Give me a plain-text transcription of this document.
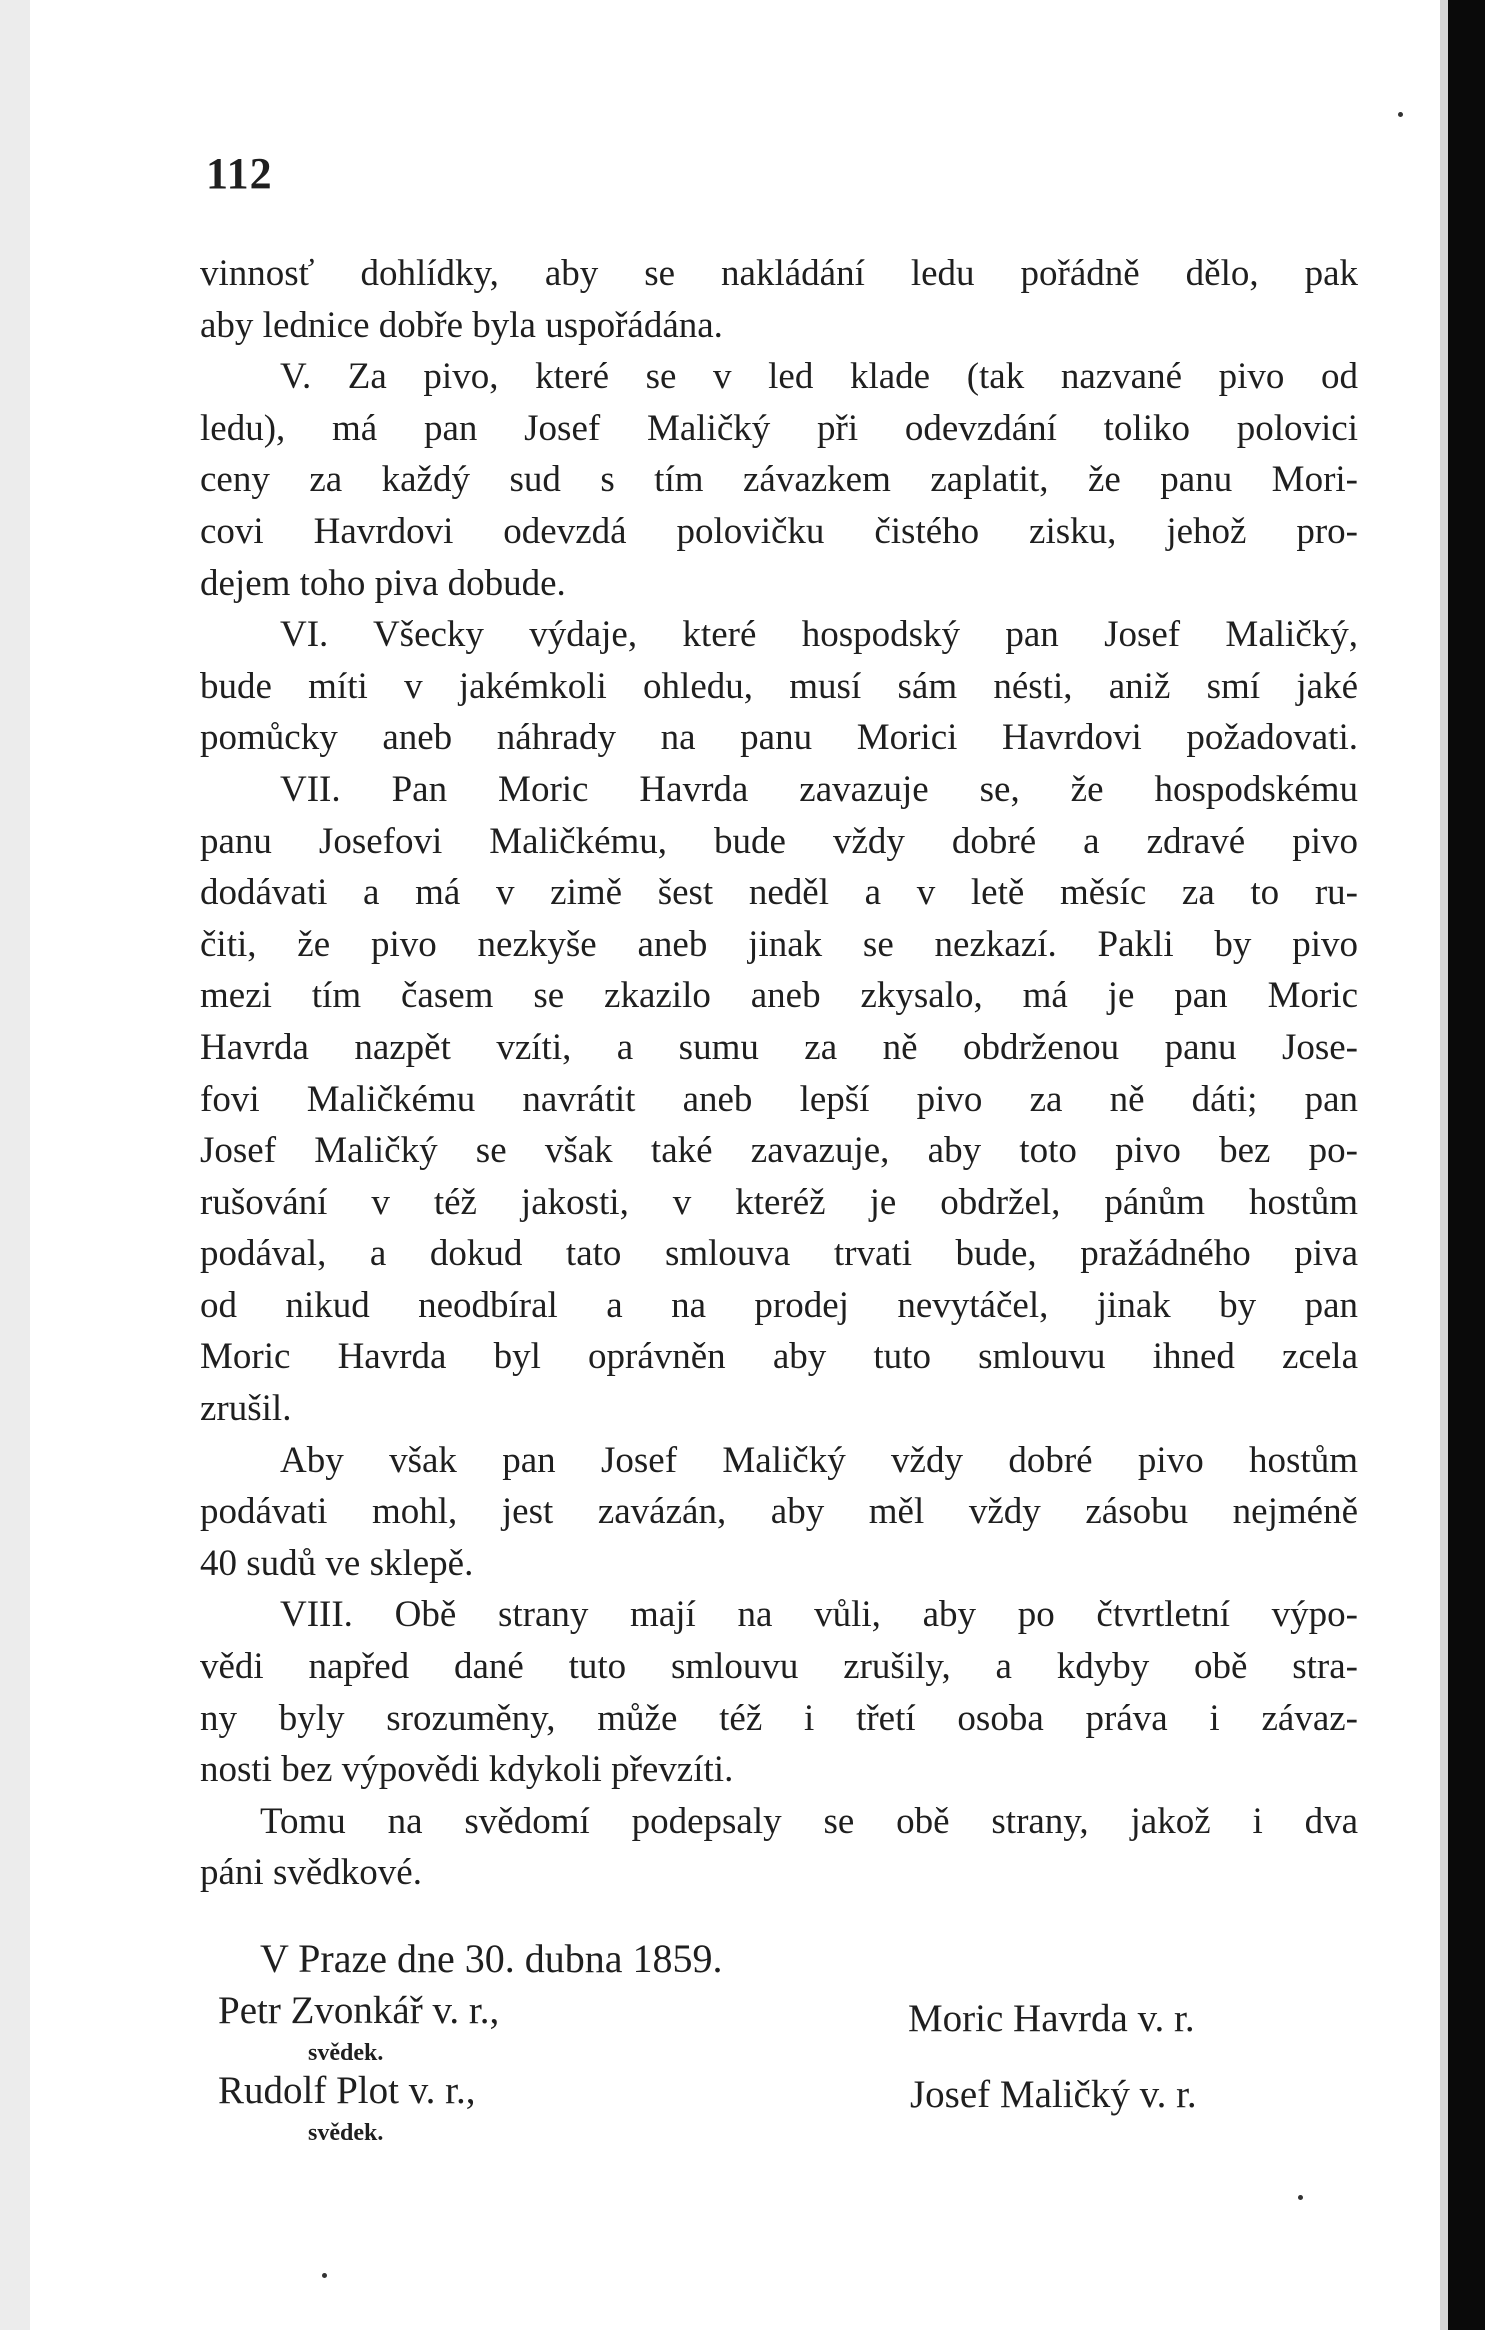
112
vinnosť dohlídky, aby se nakládání ledu pořádně dělo, pak
aby lednice dobře byla uspořádána.
V. Za pivo, které se v led klade (tak nazvané pivo od
ledu), má pan Josef Maličký při odevzdání toliko polovici
ceny za každý sud s tím závazkem zaplatit, že panu Mori-
covi Havrdovi odevzdá polovičku čistého zisku, jehož pro-
dejem toho piva dobude.
VI. Všecky výdaje, které hospodský pan Josef Maličký,
bude míti v jakémkoli ohledu, musí sám nésti, aniž smí jaké
pomůcky aneb náhrady na panu Morici Havrdovi požadovati.
VII. Pan Moric Havrda zavazuje se, že hospodskému
panu Josefovi Maličkému, bude vždy dobré a zdravé pivo
dodávati a má v zimě šest neděl a v letě měsíc za to ru-
čiti, že pivo nezkyše aneb jinak se nezkazí. Pakli by pivo
mezi tím časem se zkazilo aneb zkysalo, má je pan Moric
Havrda nazpět vzíti, a sumu za ně obdrženou panu Jose-
fovi Maličkému navrátit aneb lepší pivo za ně dáti; pan
Josef Maličký se však také zavazuje, aby toto pivo bez po-
rušování v též jakosti, v kteréž je obdržel, pánům hostům
podával, a dokud tato smlouva trvati bude, pražádného piva
od nikud neodbíral a na prodej nevytáčel, jinak by pan
Moric Havrda byl oprávněn aby tuto smlouvu ihned zcela
zrušil.
Aby však pan Josef Maličký vždy dobré pivo hostům
podávati mohl, jest zavázán, aby měl vždy zásobu nejméně
40 sudů ve sklepě.
VIII. Obě strany mají na vůli, aby po čtvrtletní výpo-
vědi napřed dané tuto smlouvu zrušily, a kdyby obě stra-
ny byly srozuměny, může též i třetí osoba práva i závaz-
nosti bez výpovědi kdykoli převzíti.
Tomu na svědomí podepsaly se obě strany, jakož i dva
páni svědkové.
V Praze dne 30. dubna 1859.
Petr Zvonkář v. r.,
svědek.
Rudolf Plot v. r.,
svědek.
Moric Havrda v. r.
Josef Maličký v. r.
